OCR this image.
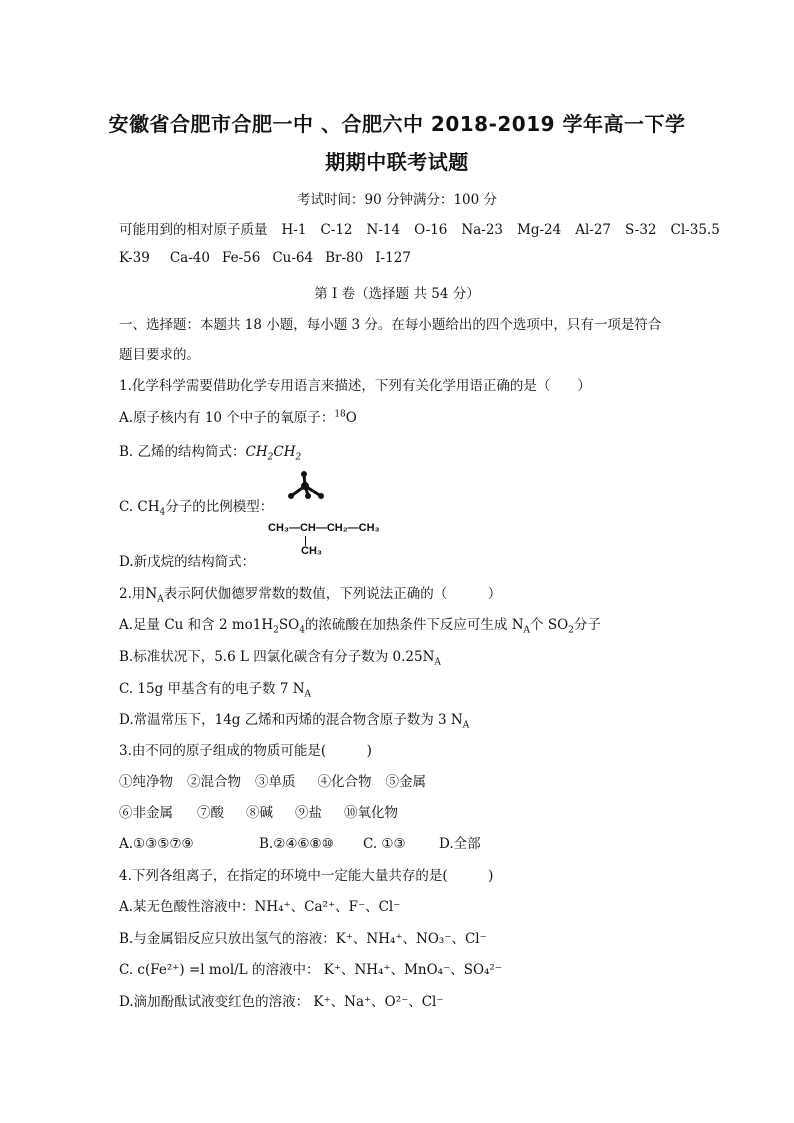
安徽省合肥市合肥一中 、合肥六中 2018-2019 学年高一下学
期期中联考试题
考试时间：90 分钟满分：100 分
可能用到的相对原子质量 H-1 C-12 N-14 O-16 Na-23 Mg-24 Al-27 S-32 Cl-35.5
K-39 Ca-40 Fe-56 Cu-64 Br-80 I-127
第 I 卷（选择题 共 54 分）
一、选择题：本题共 18 小题，每小题 3 分。在每小题给出的四个选项中，只有一项是符合
题目要求的。
1.化学科学需要借助化学专用语言来描述，下列有关化学用语正确的是（　　）
A.原子核内有 10 个中子的氧原子：$^{18}$O
B. 乙烯的结构简式：$CH_2CH_2$
C. $CH_4$分子的比例模型：
CH₃—CH—CH₂—CH₃
CH₃
D.新戊烷的结构简式：
2.用$N_A$表示阿伏伽德罗常数的数值，下列说法正确的（　　　）
A.足量 Cu 和含 2 $mo1H_2SO_4$的浓硫酸在加热条件下反应可生成 $N_A$个 $SO_2$分子
B.标准状况下，5.6 L 四氯化碳含有分子数为 $0.25N_A$
C. 15g 甲基含有的电子数 7 $N_A$
D.常温常压下，14g 乙烯和丙烯的混合物含原子数为 3 $N_A$
3.由不同的原子组成的物质可能是(　　　)
①纯净物 ②混合物 ③单质 ④化合物 ⑤金属
⑥非金属 ⑦酸 ⑧碱 ⑨盐 ⑩氧化物
A.①③⑤⑦⑨	B.②④⑥⑧⑩ C. ①③ D.全部
4.下列各组离子，在指定的环境中一定能大量共存的是(　　　)
A.某无色酸性溶液中：NH₄⁺、Ca²⁺、F⁻、Cl⁻
B.与金属铝反应只放出氢气的溶液：K⁺、NH₄⁺、NO₃⁻、Cl⁻
C. c(Fe²⁺) =l mol/L 的溶液中： K⁺、NH₄⁺、MnO₄⁻、SO₄²⁻
D.滴加酚酞试液变红色的溶液： K⁺、Na⁺、O²⁻、Cl⁻
